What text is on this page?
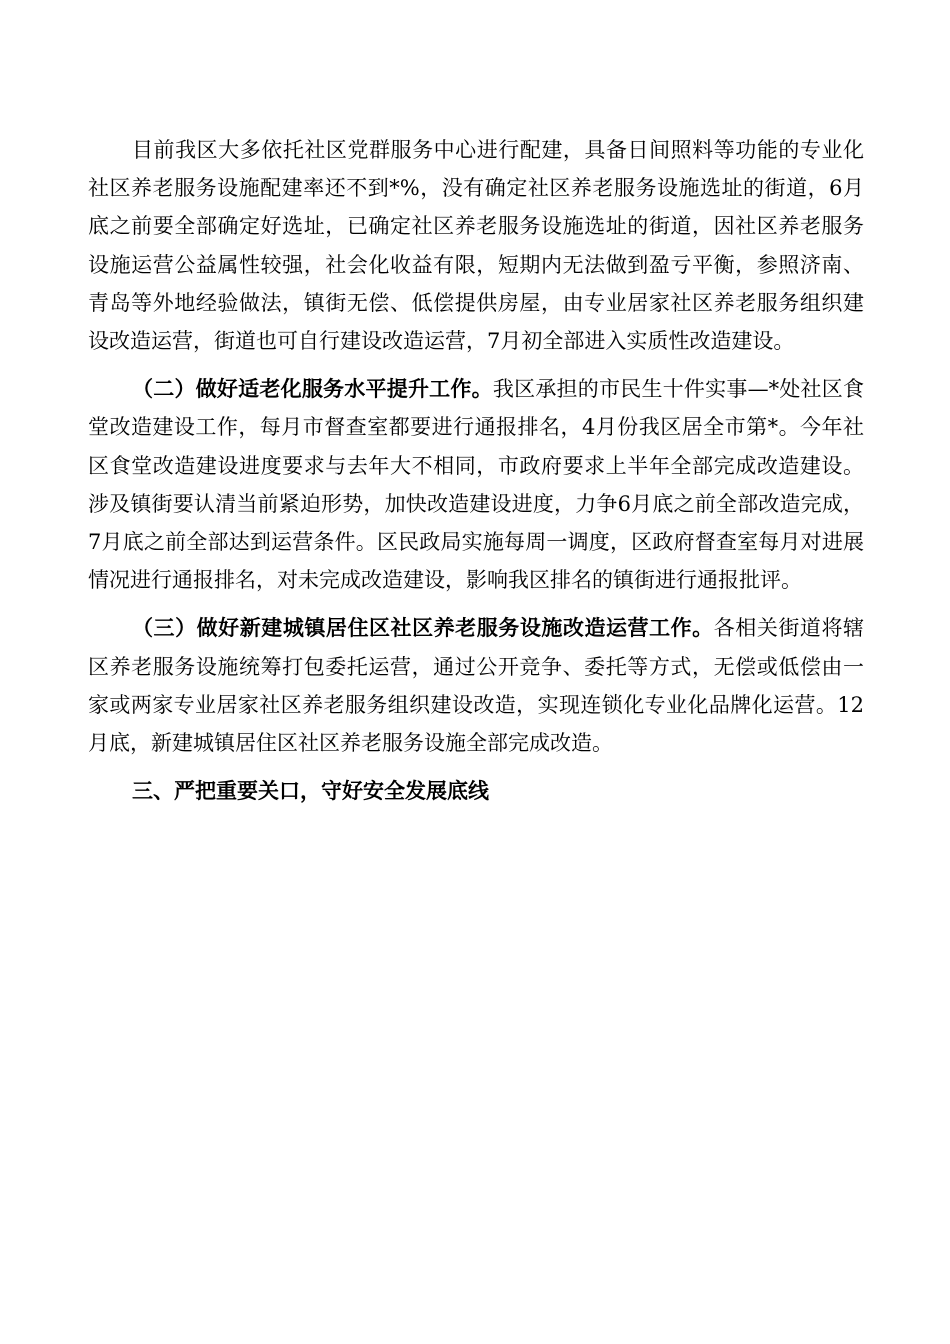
目前我区大多依托社区党群服务中心进行配建，具备日间照料等功能的专业化社区养老服务设施配建率还不到*%，没有确定社区养老服务设施选址的街道，6月底之前要全部确定好选址，已确定社区养老服务设施选址的街道，因社区养老服务设施运营公益属性较强，社会化收益有限，短期内无法做到盈亏平衡，参照济南、青岛等外地经验做法，镇街无偿、低偿提供房屋，由专业居家社区养老服务组织建设改造运营，街道也可自行建设改造运营，7月初全部进入实质性改造建设。

（二）做好适老化服务水平提升工作。我区承担的市民生十件实事—*处社区食堂改造建设工作，每月市督查室都要进行通报排名，4月份我区居全市第*。今年社区食堂改造建设进度要求与去年大不相同，市政府要求上半年全部完成改造建设。涉及镇街要认清当前紧迫形势，加快改造建设进度，力争6月底之前全部改造完成，7月底之前全部达到运营条件。区民政局实施每周一调度，区政府督查室每月对进展情况进行通报排名，对未完成改造建设，影响我区排名的镇街进行通报批评。

（三）做好新建城镇居住区社区养老服务设施改造运营工作。各相关街道将辖区养老服务设施统筹打包委托运营，通过公开竞争、委托等方式，无偿或低偿由一家或两家专业居家社区养老服务组织建设改造，实现连锁化专业化品牌化运营。12月底，新建城镇居住区社区养老服务设施全部完成改造。

三、严把重要关口，守好安全发展底线
